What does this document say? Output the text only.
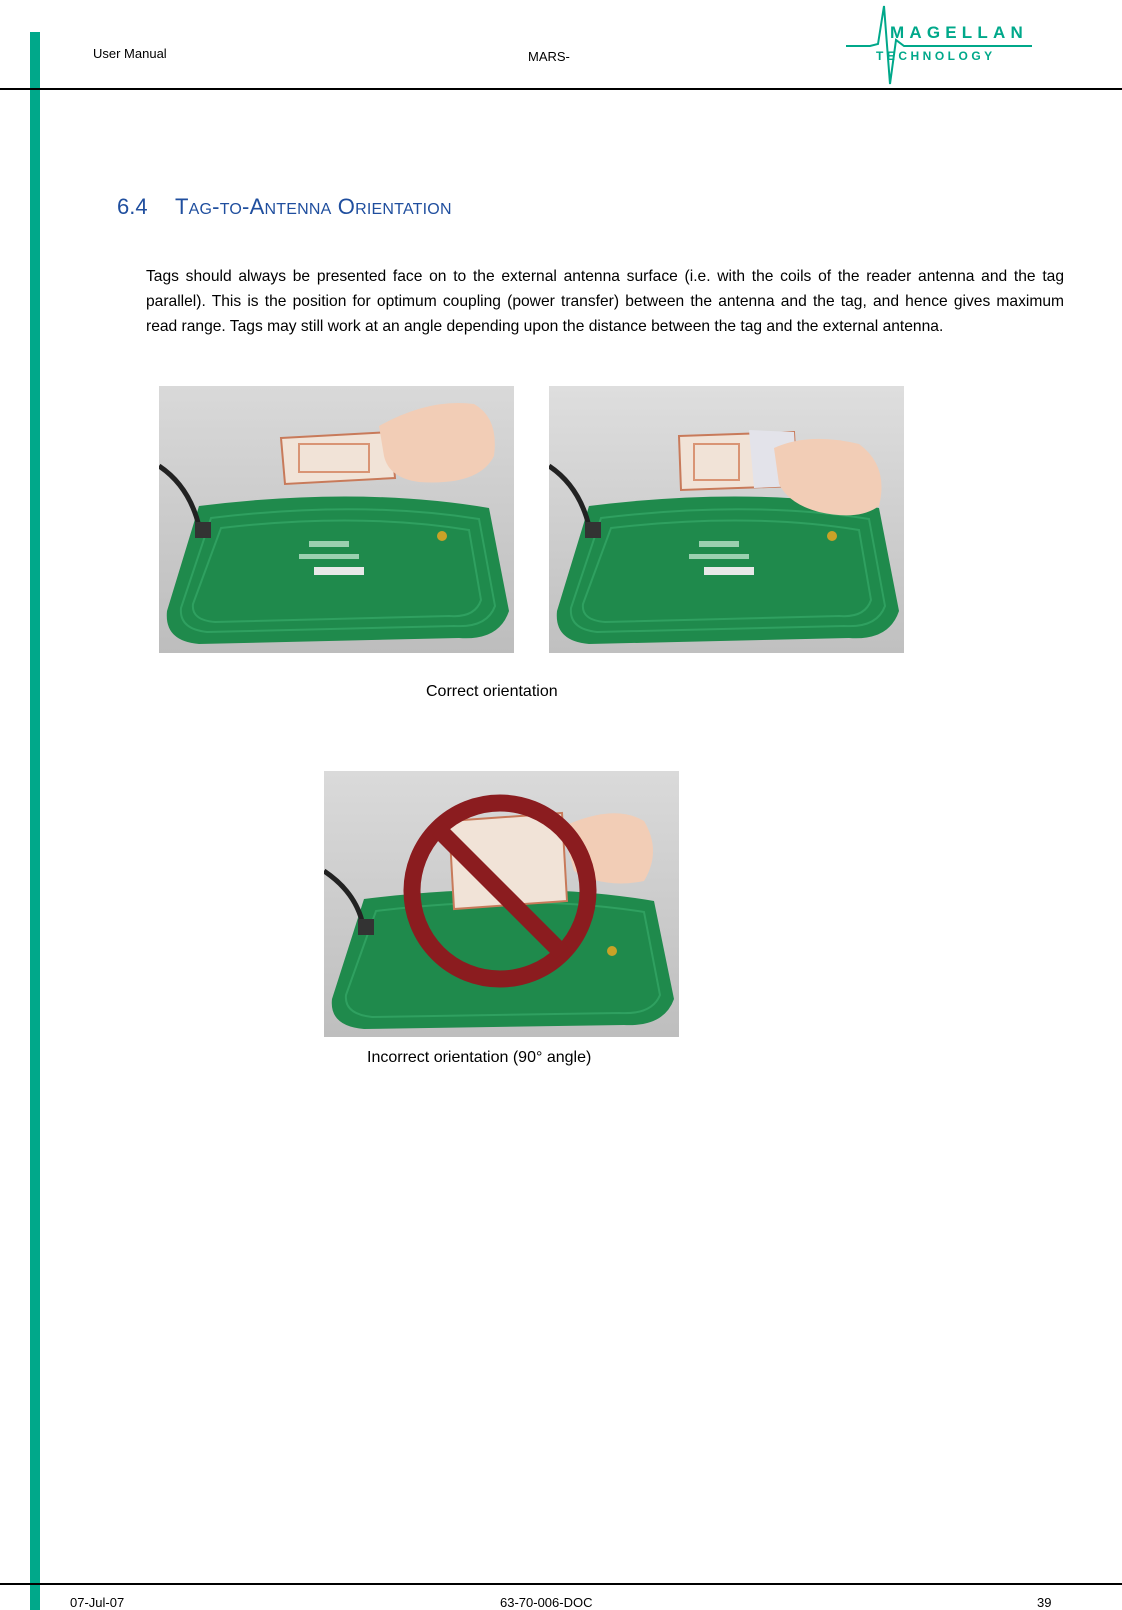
User Manual	MARS-
MAGELLAN
TECHNOLOGY
6.4 TAG-TO-ANTENNA ORIENTATION
Tags should always be presented face on to the external antenna surface (i.e. with the coils of the reader antenna and the tag parallel). This is the position for optimum coupling (power transfer) between the antenna and the tag, and hence gives maximum read range. Tags may still work at an angle depending upon the distance between the tag and the external antenna.
Correct orientation
Incorrect orientation (90° angle)
07-Jul-07	63-70-006-DOC	39
